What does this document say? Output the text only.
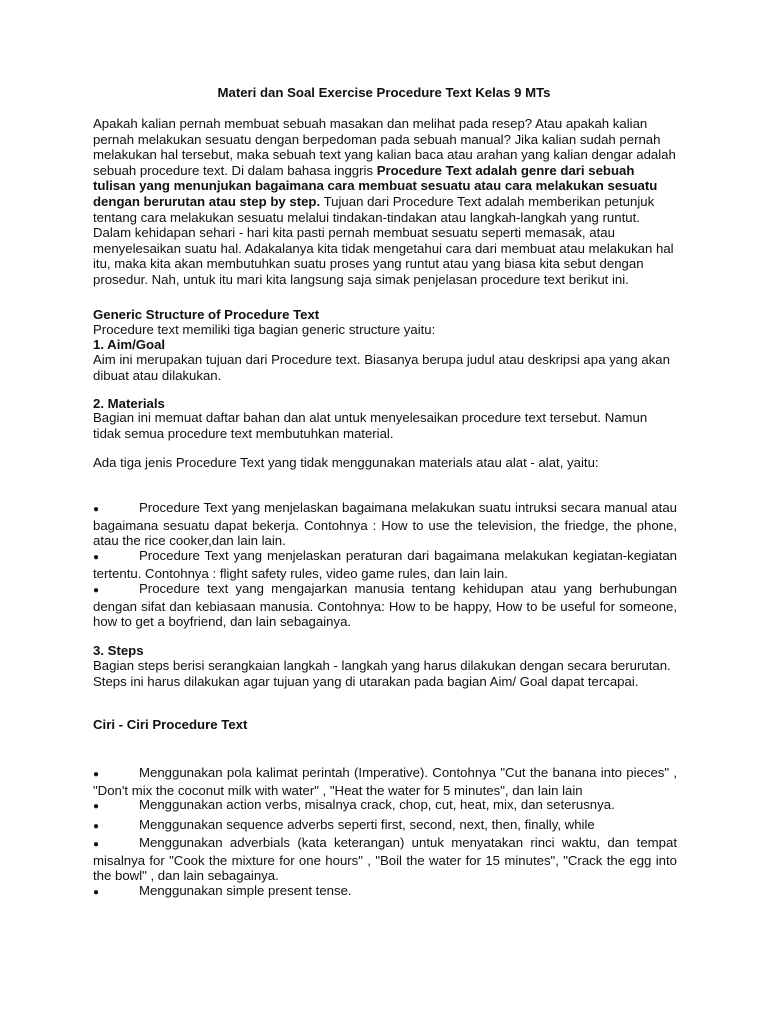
Materi dan Soal Exercise Procedure Text Kelas 9 MTs

Apakah kalian pernah membuat sebuah masakan dan melihat pada resep? Atau apakah kalian pernah melakukan sesuatu dengan berpedoman pada sebuah manual? Jika kalian sudah pernah melakukan hal tersebut, maka sebuah text yang kalian baca atau arahan yang kalian dengar adalah sebuah procedure text. Di dalam bahasa inggris Procedure Text adalah genre dari sebuah tulisan yang menunjukan bagaimana cara membuat sesuatu atau cara melakukan sesuatu dengan berurutan atau step by step. Tujuan dari Procedure Text adalah memberikan petunjuk tentang cara melakukan sesuatu melalui tindakan-tindakan atau langkah-langkah yang runtut. Dalam kehidapan sehari - hari kita pasti pernah membuat sesuatu seperti memasak, atau menyelesaikan suatu hal. Adakalanya kita tidak mengetahui cara dari membuat atau melakukan hal itu, maka kita akan membutuhkan suatu proses yang runtut atau yang biasa kita sebut dengan prosedur. Nah, untuk itu mari kita langsung saja simak penjelasan procedure text berikut ini.

Generic Structure of Procedure Text
Procedure text memiliki tiga bagian generic structure yaitu:
1. Aim/Goal

Aim ini merupakan tujuan dari Procedure text. Biasanya berupa judul atau deskripsi apa yang akan dibuat atau dilakukan.

2. Materials

Bagian ini memuat daftar bahan dan alat untuk menyelesaikan procedure text tersebut. Namun tidak semua procedure text membutuhkan material.

Ada tiga jenis Procedure Text yang tidak menggunakan materials atau alat - alat, yaitu:

●	Procedure Text yang menjelaskan bagaimana melakukan suatu intruksi secara manual atau bagaimana sesuatu dapat bekerja. Contohnya : How to use the television, the friedge, the phone, atau the rice cooker,dan lain lain.

●	Procedure Text yang menjelaskan peraturan dari bagaimana melakukan kegiatan-kegiatan tertentu. Contohnya : flight safety rules, video game rules, dan lain lain.

●	Procedure text yang mengajarkan manusia tentang kehidupan atau yang berhubungan dengan sifat dan kebiasaan manusia. Contohnya: How to be happy, How to be useful for someone, how to get a boyfriend, dan lain sebagainya.

3. Steps

Bagian steps berisi serangkaian langkah - langkah yang harus dilakukan dengan secara berurutan. Steps ini harus dilakukan agar tujuan yang di utarakan pada bagian Aim/ Goal dapat tercapai.

Ciri - Ciri Procedure Text

●	Menggunakan pola kalimat perintah (Imperative). Contohnya "Cut the banana into pieces" , "Don't mix the coconut milk with water" , "Heat the water for 5 minutes", dan lain lain

●	Menggunakan action verbs, misalnya crack, chop, cut, heat, mix, dan seterusnya.

●	Menggunakan sequence adverbs seperti first, second, next, then, finally, while

●	Menggunakan adverbials (kata keterangan) untuk menyatakan rinci waktu, dan tempat misalnya for "Cook the mixture for one hours" , "Boil the water for 15 minutes", "Crack the egg into the bowl" , dan lain sebagainya.

●	Menggunakan simple present tense.
